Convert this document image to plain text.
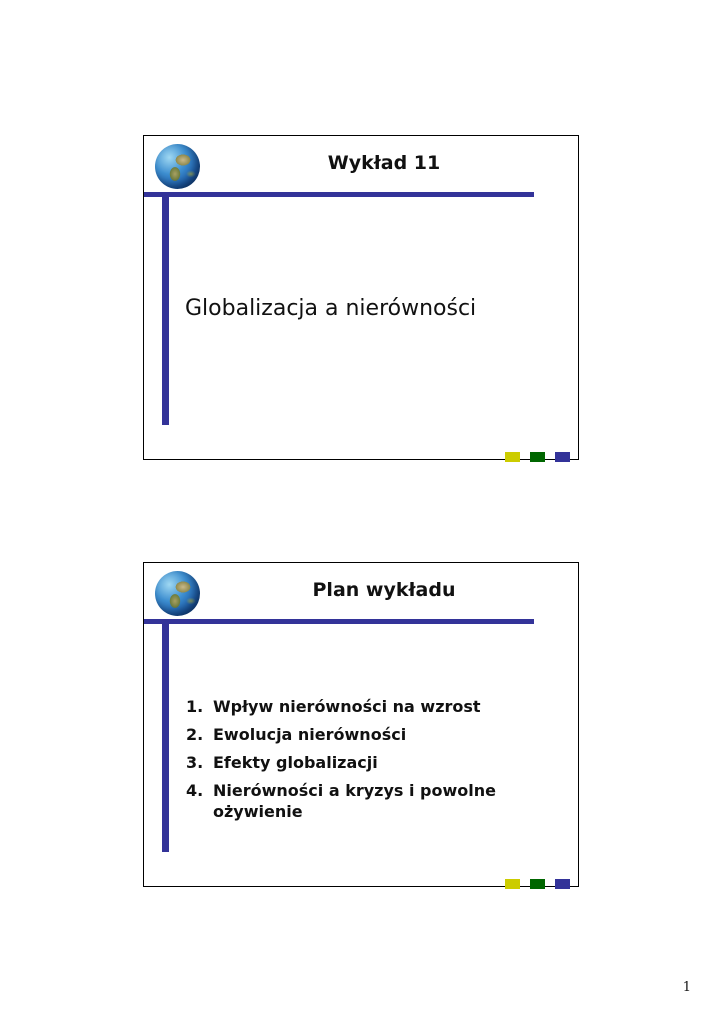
Wykład 11
Globalizacja a nierówności
Plan wykładu
1. Wpływ nierówności na wzrost
2. Ewolucja nierówności
3. Efekty globalizacji
4. Nierówności a kryzys i powolne ożywienie
1
